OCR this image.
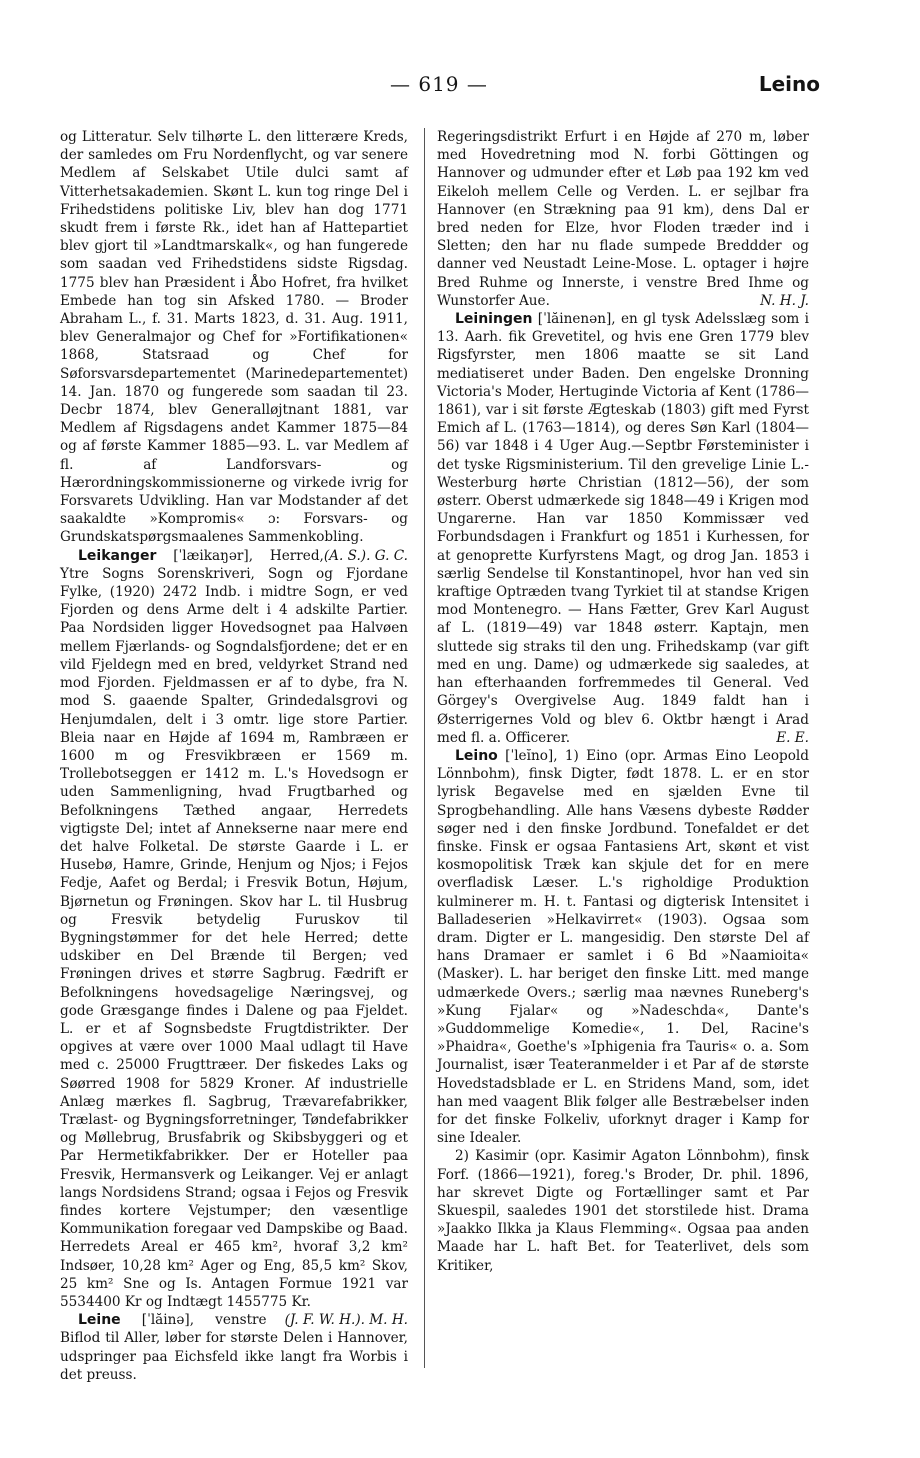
— 619 —	Leino

og Litteratur. Selv tilhørte L. den litterære Kreds, der samledes om Fru Nordenflycht, og var senere Medlem af Selskabet Utile dulci samt af Vitterhetsakademien. Skønt L. kun tog ringe Del i Frihedstidens politiske Liv, blev han dog 1771 skudt frem i første Rk., idet han af Hattepartiet blev gjort til »Landtmarskalk«, og han fungerede som saadan ved Frihedstidens sidste Rigsdag. 1775 blev han Præsident i Åbo Hofret, fra hvilket Embede han tog sin Afsked 1780. — Broder Abraham L., f. 31. Marts 1823, d. 31. Aug. 1911, blev Generalmajor og Chef for »Fortifikationen« 1868, Statsraad og Chef for Søforsvarsdepartementet (Marinedepartementet) 14. Jan. 1870 og fungerede som saadan til 23. Decbr 1874, blev Generalløjtnant 1881, var Medlem af Rigsdagens andet Kammer 1875—84 og af første Kammer 1885—93. L. var Medlem af fl. af Landforsvars- og Hærordningskommissionerne og virkede ivrig for Forsvarets Udvikling. Han var Modstander af det saakaldte »Kompromis« ɔ: Forsvars- og Grundskatspørgsmaalenes Sammenkobling.
(A. S.). G. C.

Leikanger [ˈlæikaŋər], Herred, Ytre Sogns Sorenskriveri, Sogn og Fjordane Fylke, (1920) 2472 Indb. i midtre Sogn, er ved Fjorden og dens Arme delt i 4 adskilte Partier. Paa Nordsiden ligger Hovedsognet paa Halvøen mellem Fjærlands- og Sogndalsfjordene; det er en vild Fjeldegn med en bred, veldyrket Strand ned mod Fjorden. Fjeldmassen er af to dybe, fra N. mod S. gaaende Spalter, Grindedalsgrovi og Henjumdalen, delt i 3 omtr. lige store Partier. Bleia naar en Højde af 1694 m, Rambræen er 1600 m og Fresvikbræen er 1569 m. Trollebotseggen er 1412 m. L.'s Hovedsogn er uden Sammenligning, hvad Frugtbarhed og Befolkningens Tæthed angaar, Herredets vigtigste Del; intet af Annekserne naar mere end det halve Folketal. De største Gaarde i L. er Husebø, Hamre, Grinde, Henjum og Njos; i Fejos Fedje, Aafet og Berdal; i Fresvik Botun, Højum, Bjørnetun og Frøningen. Skov har L. til Husbrug og Fresvik betydelig Furuskov til Bygningstømmer for det hele Herred; dette udskiber en Del Brænde til Bergen; ved Frøningen drives et større Sagbrug. Fædrift er Befolkningens hovedsagelige Næringsvej, og gode Græsgange findes i Dalene og paa Fjeldet. L. er et af Sognsbedste Frugtdistrikter. Der opgives at være over 1000 Maal udlagt til Have med c. 25000 Frugttræer. Der fiskedes Laks og Søørred 1908 for 5829 Kroner. Af industrielle Anlæg mærkes fl. Sagbrug, Trævarefabrikker, Trælast- og Bygningsforretninger, Tøndefabrikker og Møllebrug, Brusfabrik og Skibsbyggeri og et Par Hermetikfabrikker. Der er Hoteller paa Fresvik, Hermansverk og Leikanger. Vej er anlagt langs Nordsidens Strand; ogsaa i Fejos og Fresvik findes kortere Vejstumper; den væsentlige Kommunikation foregaar ved Dampskibe og Baad. Herredets Areal er 465 km², hvoraf 3,2 km² Indsøer, 10,28 km² Ager og Eng, 85,5 km² Skov, 25 km² Sne og Is. Antagen Formue 1921 var 5534400 Kr og Indtægt 1455775 Kr.
(J. F. W. H.). M. H.

Leine [ˈlăinə], venstre Biflod til Aller, løber for største Delen i Hannover, udspringer paa Eichsfeld ikke langt fra Worbis i det preuss.

Regeringsdistrikt Erfurt i en Højde af 270 m, løber med Hovedretning mod N. forbi Göttingen og Hannover og udmunder efter et Løb paa 192 km ved Eikeloh mellem Celle og Verden. L. er sejlbar fra Hannover (en Strækning paa 91 km), dens Dal er bred neden for Elze, hvor Floden træder ind i Sletten; den har nu flade sumpede Breddder og danner ved Neustadt Leine-Mose. L. optager i højre Bred Ruhme og Innerste, i venstre Bred Ihme og Wunstorfer Aue.	N. H. J.

Leiningen [ˈlăinenən], en gl tysk Adelsslæg som i 13. Aarh. fik Grevetitel, og hvis ene Gren 1779 blev Rigsfyrster, men 1806 maatte se sit Land mediatiseret under Baden. Den engelske Dronning Victoria's Moder, Hertuginde Victoria af Kent (1786—1861), var i sit første Ægteskab (1803) gift med Fyrst Emich af L. (1763—1814), og deres Søn Karl (1804—56) var 1848 i 4 Uger Aug.—Septbr Førsteminister i det tyske Rigsministerium. Til den grevelige Linie L.-Westerburg hørte Christian (1812—56), der som østerr. Oberst udmærkede sig 1848—49 i Krigen mod Ungarerne. Han var 1850 Kommissær ved Forbundsdagen i Frankfurt og 1851 i Kurhessen, for at genoprette Kurfyrstens Magt, og drog Jan. 1853 i særlig Sendelse til Konstantinopel, hvor han ved sin kraftige Optræden tvang Tyrkiet til at standse Krigen mod Montenegro. — Hans Fætter, Grev Karl August af L. (1819—49) var 1848 østerr. Kaptajn, men sluttede sig straks til den ung. Frihedskamp (var gift med en ung. Dame) og udmærkede sig saaledes, at han efterhaanden forfremmedes til General. Ved Görgey's Overgivelse Aug. 1849 faldt han i Østerrigernes Vold og blev 6. Oktbr hængt i Arad med fl. a. Officerer.	E. E.

Leino [ˈleĭno], 1) Eino (opr. Armas Eino Leopold Lönnbohm), finsk Digter, født 1878. L. er en stor lyrisk Begavelse med en sjælden Evne til Sprogbehandling. Alle hans Væsens dybeste Rødder søger ned i den finske Jordbund. Tonefaldet er det finske. Finsk er ogsaa Fantasiens Art, skønt et vist kosmopolitisk Træk kan skjule det for en mere overfladisk Læser. L.'s righoldige Produktion kulminerer m. H. t. Fantasi og digterisk Intensitet i Balladeserien »Helkavirret« (1903). Ogsaa som dram. Digter er L. mangesidig. Den største Del af hans Dramaer er samlet i 6 Bd »Naamioita« (Masker). L. har beriget den finske Litt. med mange udmærkede Overs.; særlig maa nævnes Runeberg's »Kung Fjalar« og »Nadeschda«, Dante's »Guddommelige Komedie«, 1. Del, Racine's »Phaidra«, Goethe's »Iphigenia fra Tauris« o. a. Som Journalist, især Teateranmelder i et Par af de største Hovedstadsblade er L. en Stridens Mand, som, idet han med vaagent Blik følger alle Bestræbelser inden for det finske Folkeliv, uforknyt drager i Kamp for sine Idealer.

2) Kasimir (opr. Kasimir Agaton Lönnbohm), finsk Forf. (1866—1921), foreg.'s Broder, Dr. phil. 1896, har skrevet Digte og Fortællinger samt et Par Skuespil, saaledes 1901 det storstilede hist. Drama »Jaakko Ilkka ja Klaus Flemming«. Ogsaa paa anden Maade har L. haft Bet. for Teaterlivet, dels som Kritiker,
